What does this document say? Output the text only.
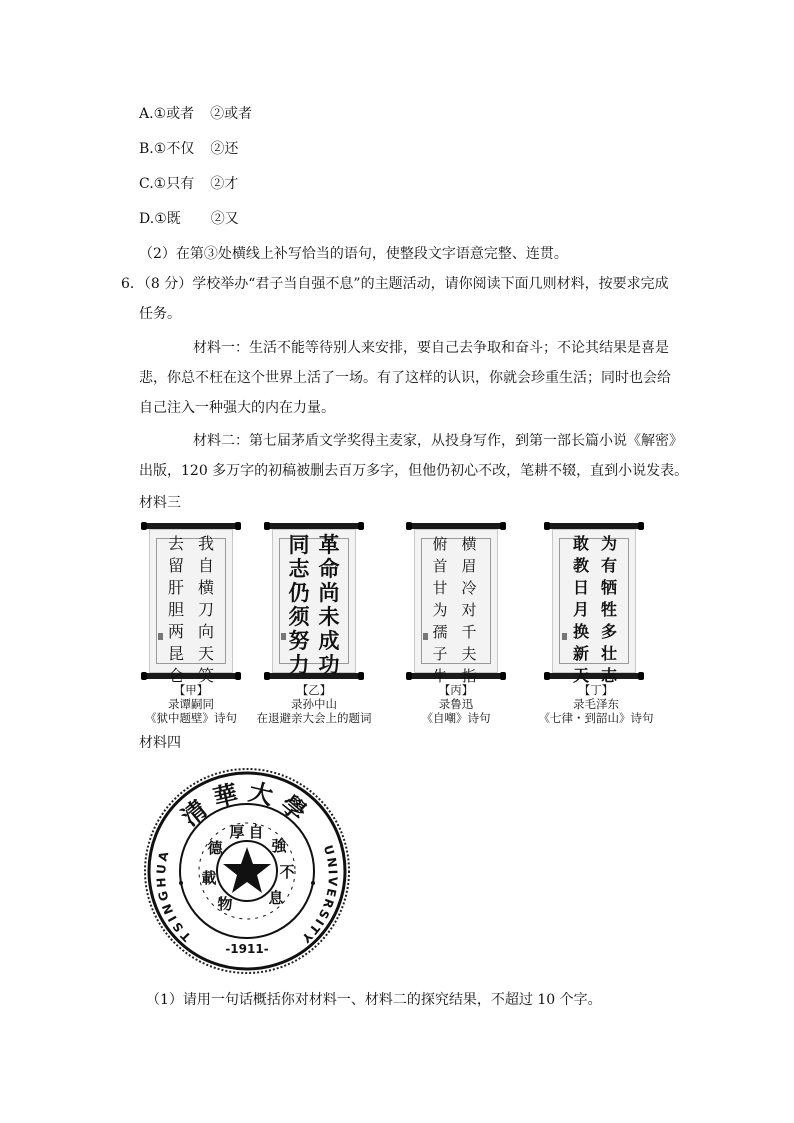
A.①或者 ②或者
B.①不仅 ②还
C.①只有 ②才
D.①既 ②又
（2）在第③处横线上补写恰当的语句，使整段文字语意完整、连贯。
6．（8 分）学校举办“君子当自强不息”的主题活动，请你阅读下面几则材料，按要求完成
任务。
材料一：生活不能等待别人来安排，要自己去争取和奋斗；不论其结果是喜是
悲，你总不枉在这个世界上活了一场。有了这样的认识，你就会珍重生活；同时也会给
自己注入一种强大的内在力量。
材料二：第七届茅盾文学奖得主麦家，从投身写作，到第一部长篇小说《解密》
出版，120 多万字的初稿被删去百万多字，但他仍初心不改，笔耕不辍，直到小说发表。
材料三
我
自
横
刀
向
天
笑
去
留
肝
胆
两
昆
仑
革
命
尚
未
成
功
同
志
仍
须
努
力
横
眉
冷
对
千
夫
指
俯
首
甘
为
孺
子
牛
为
有
牺
牲
多
壮
志
敢
教
日
月
换
新
天
【甲】
录谭嗣同
《狱中题壁》诗句
【乙】
录孙中山
在退避亲大会上的题词
【丙】
录鲁迅
《自嘲》诗句
【丁】
录毛泽东
《七律・到韶山》诗句
材料四
清華大學
TSINGHUA	UNIVERSITY
-1911-
自
強
不
息
厚
德
載
物
（1）请用一句话概括你对材料一、材料二的探究结果，不超过 10 个字。
